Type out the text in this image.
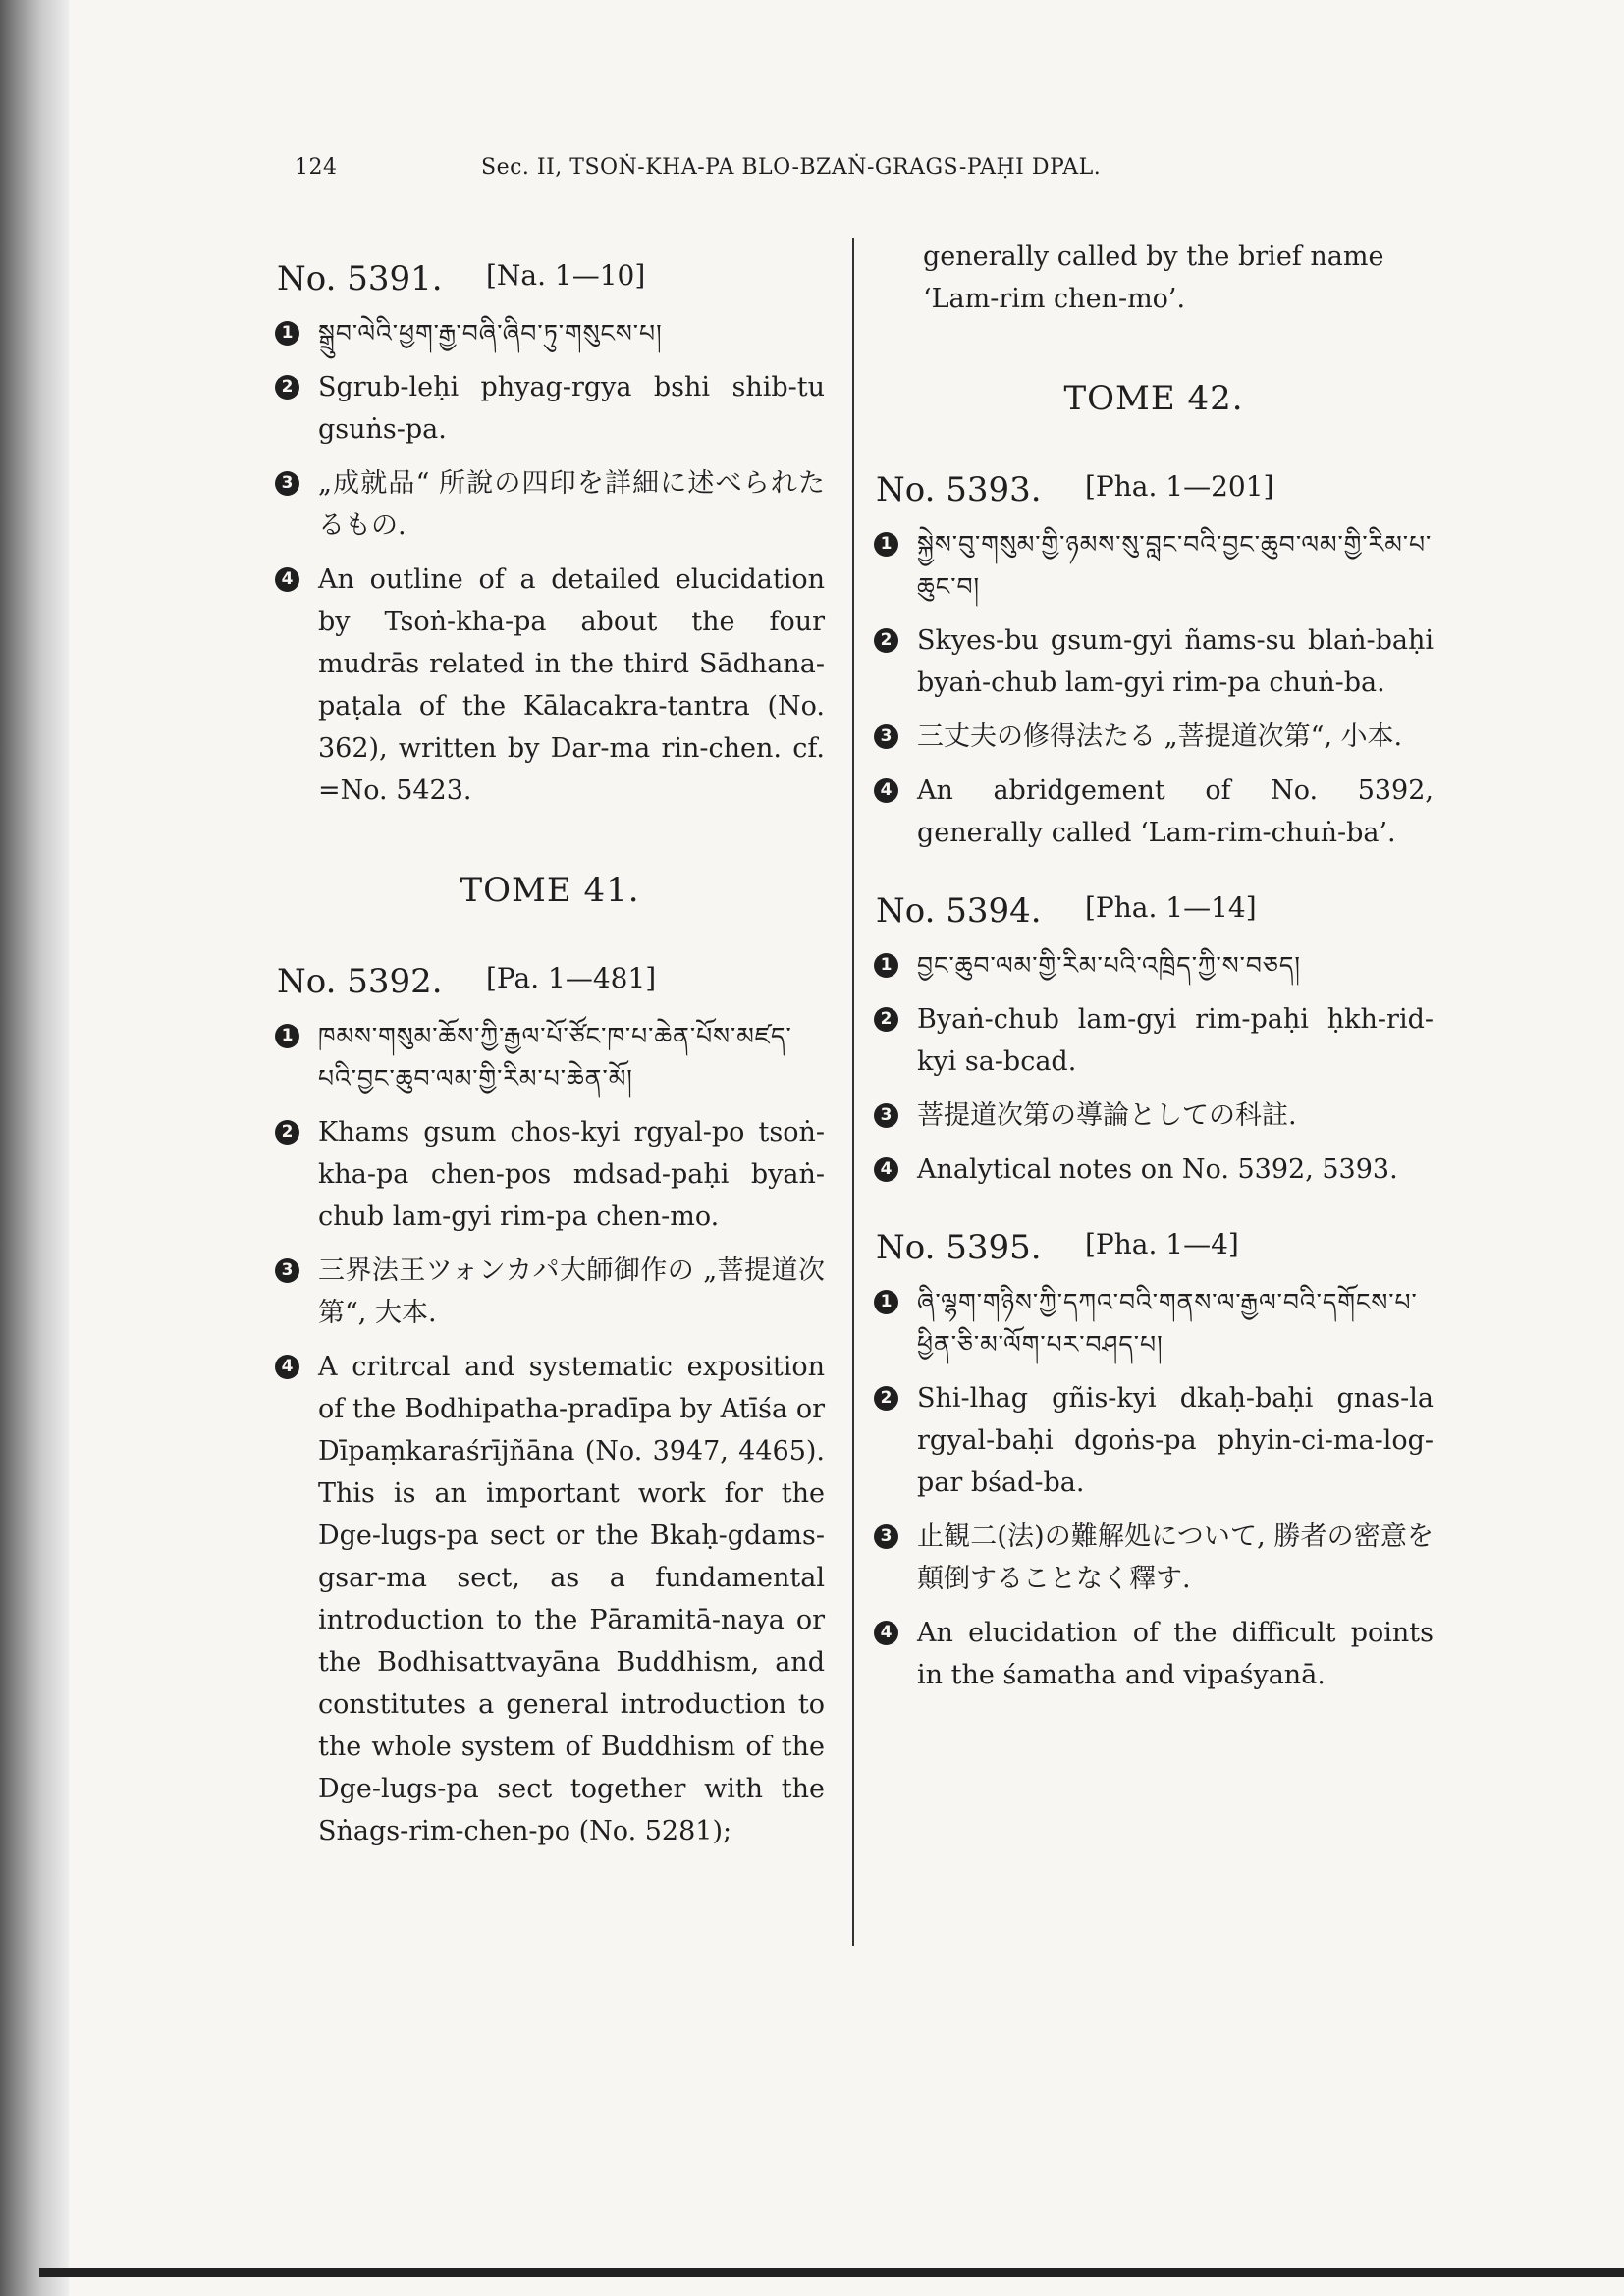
124	Sec. II, TSOṄ-KHA-PA BLO-BZAṄ-GRAGS-PAḤI DPAL.
No. 5391. [Na. 1—10]
1 སྒྲུབ་ལེའི་ཕྱག་རྒྱ་བཞི་ཞིབ་ཏུ་གསུངས་པ།
2 Sgrub-leḥi phyag-rgya bshi shib-tu gsuṅs-pa.
3 „成就品“ 所說の四印を詳細に述べられたるもの.
4 An outline of a detailed elucidation by Tsoṅ-kha-pa about the four mudrās related in the third Sādhana-paṭala of the Kālacakra-tantra (No. 362), written by Dar-ma rin-chen. cf. =No. 5423.
TOME 41.
No. 5392. [Pa. 1—481]
1 ཁམས་གསུམ་ཆོས་ཀྱི་རྒྱལ་པོ་ཙོང་ཁ་པ་ཆེན་པོས་མཛད་པའི་བྱང་ཆུབ་ལམ་གྱི་རིམ་པ་ཆེན་མོ།
2 Khams gsum chos-kyi rgyal-po tsoṅ-kha-pa chen-pos mdsad-paḥi byaṅ-chub lam-gyi rim-pa chen-mo.
3 三界法王ツォンカパ大師御作の „菩提道次第“, 大本.
4 A critrcal and systematic exposition of the Bodhipatha-pradīpa by Atīśa or Dīpaṃkaraśrījñāna (No. 3947, 4465). This is an important work for the Dge-lugs-pa sect or the Bkaḥ-gdams-gsar-ma sect, as a fundamental introduction to the Pāramitā-naya or the Bodhisattvayāna Buddhism, and constitutes a general introduction to the whole system of Buddhism of the Dge-lugs-pa sect together with the Sṅags-rim-chen-po (No. 5281);
generally called by the brief name ‘Lam-rim chen-mo’.
TOME 42.
No. 5393. [Pha. 1—201]
1 སྐྱེས་བུ་གསུམ་གྱི་ཉམས་སུ་བླང་བའི་བྱང་ཆུབ་ལམ་གྱི་རིམ་པ་ཆུང་བ།
2 Skyes-bu gsum-gyi ñams-su blaṅ-baḥi byaṅ-chub lam-gyi rim-pa chuṅ-ba.
3 三丈夫の修得法たる „菩提道次第“, 小本.
4 An abridgement of No. 5392, generally called ‘Lam-rim-chuṅ-ba’.
No. 5394. [Pha. 1—14]
1 བྱང་ཆུབ་ལམ་གྱི་རིམ་པའི་འཁྲིད་ཀྱི་ས་བཅད།
2 Byaṅ-chub lam-gyi rim-paḥi ḥkh-rid-kyi sa-bcad.
3 菩提道次第の導論としての科註.
4 Analytical notes on No. 5392, 5393.
No. 5395. [Pha. 1—4]
1 ཞི་ལྷག་གཉིས་ཀྱི་དཀའ་བའི་གནས་ལ་རྒྱལ་བའི་དགོངས་པ་ཕྱིན་ཅི་མ་ལོག་པར་བཤད་པ།
2 Shi-lhag gñis-kyi dkaḥ-baḥi gnas-la rgyal-baḥi dgoṅs-pa phyin-ci-ma-log-par bśad-ba.
3 止観二(法)の難解処について, 勝者の密意を顛倒することなく釋す.
4 An elucidation of the difficult points in the śamatha and vipaśyanā.
